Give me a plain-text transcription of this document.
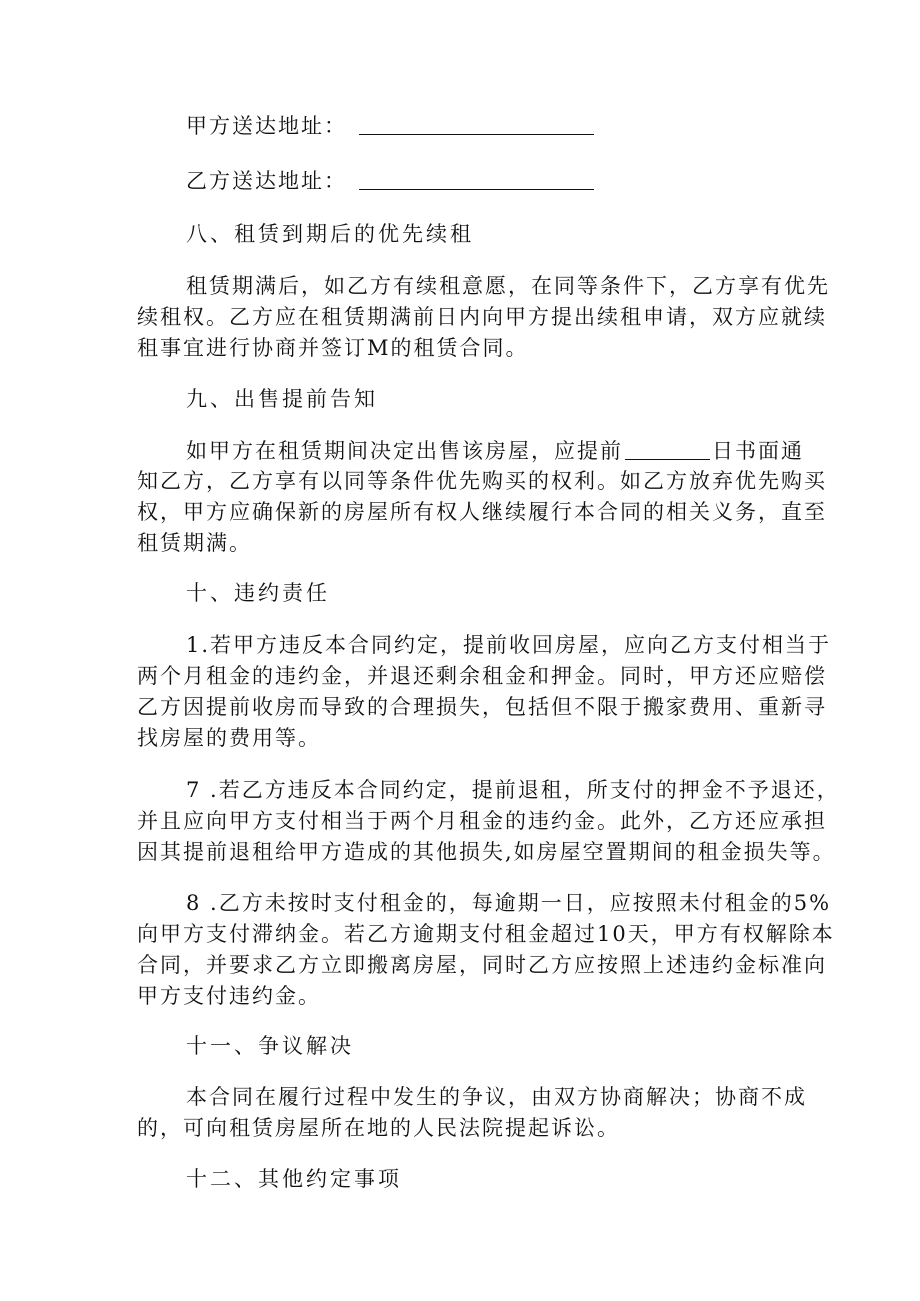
甲方送达地址：
乙方送达地址：
八、租赁到期后的优先续租
租赁期满后，如乙方有续租意愿，在同等条件下，乙方享有优先
续租权。乙方应在租赁期满前日内向甲方提出续租申请，双方应就续
租事宜进行协商并签订M的租赁合同。
九、出售提前告知
如甲方在租赁期间决定出售该房屋，应提前	日书面通
知乙方，乙方享有以同等条件优先购买的权利。如乙方放弃优先购买
权，甲方应确保新的房屋所有权人继续履行本合同的相关义务，直至
租赁期满。
十、违约责任
1.若甲方违反本合同约定，提前收回房屋，应向乙方支付相当于
两个月租金的违约金，并退还剩余租金和押金。同时，甲方还应赔偿
乙方因提前收房而导致的合理损失，包括但不限于搬家费用、重新寻
找房屋的费用等。
7 .若乙方违反本合同约定，提前退租，所支付的押金不予退还，
并且应向甲方支付相当于两个月租金的违约金。此外，乙方还应承担
因其提前退租给甲方造成的其他损失,如房屋空置期间的租金损失等。
8 .乙方未按时支付租金的，每逾期一日，应按照未付租金的5%
向甲方支付滞纳金。若乙方逾期支付租金超过10天，甲方有权解除本
合同，并要求乙方立即搬离房屋，同时乙方应按照上述违约金标准向
甲方支付违约金。
十一、争议解决
本合同在履行过程中发生的争议，由双方协商解决；协商不成
的，可向租赁房屋所在地的人民法院提起诉讼。
十二、其他约定事项
